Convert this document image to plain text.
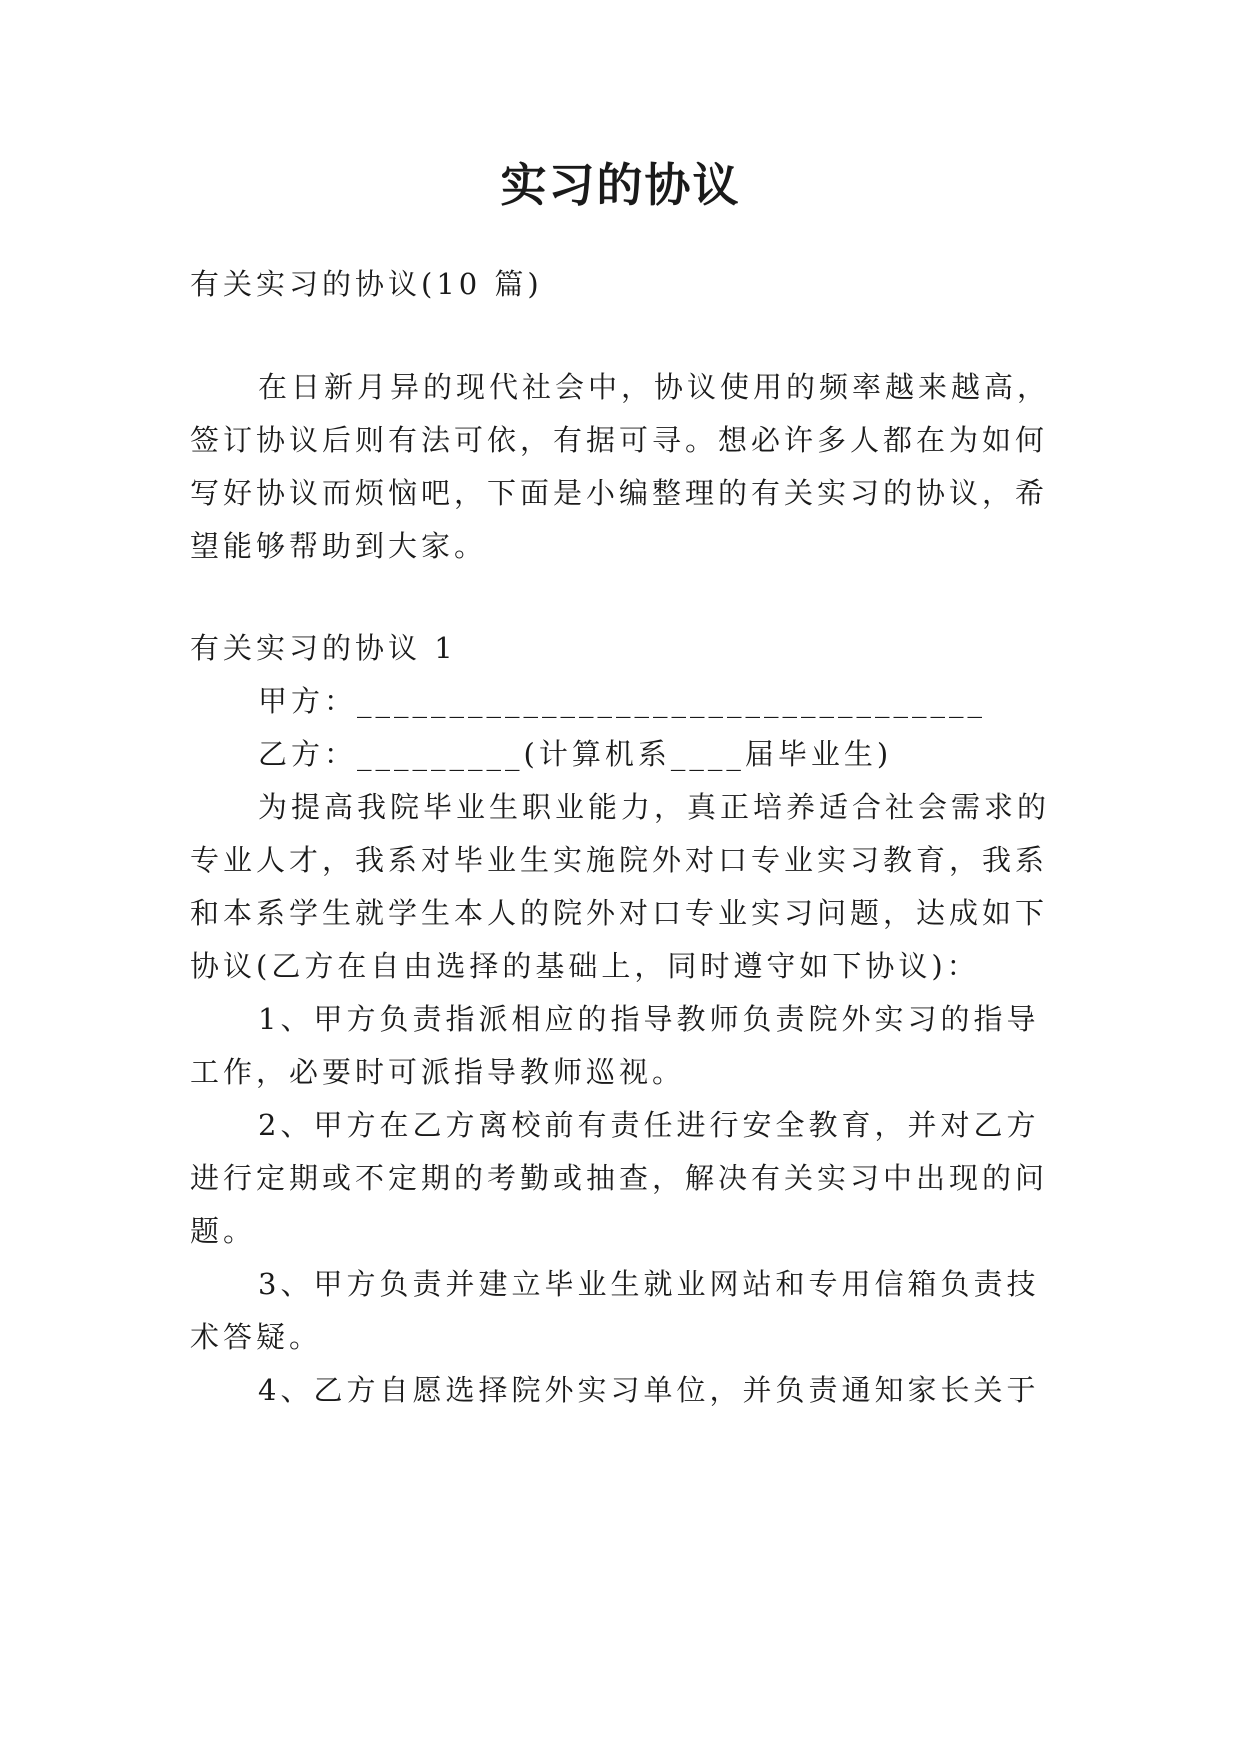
实习的协议
有关实习的协议(10 篇)
在日新月异的现代社会中，协议使用的频率越来越高，
签订协议后则有法可依，有据可寻。想必许多人都在为如何
写好协议而烦恼吧，下面是小编整理的有关实习的协议，希
望能够帮助到大家。
有关实习的协议 1
甲方：__________________________________
乙方：_________(计算机系____届毕业生)
为提高我院毕业生职业能力，真正培养适合社会需求的
专业人才，我系对毕业生实施院外对口专业实习教育，我系
和本系学生就学生本人的院外对口专业实习问题，达成如下
协议(乙方在自由选择的基础上，同时遵守如下协议)：
1、甲方负责指派相应的指导教师负责院外实习的指导
工作，必要时可派指导教师巡视。
2、甲方在乙方离校前有责任进行安全教育，并对乙方
进行定期或不定期的考勤或抽查，解决有关实习中出现的问
题。
3、甲方负责并建立毕业生就业网站和专用信箱负责技
术答疑。
4、乙方自愿选择院外实习单位，并负责通知家长关于
